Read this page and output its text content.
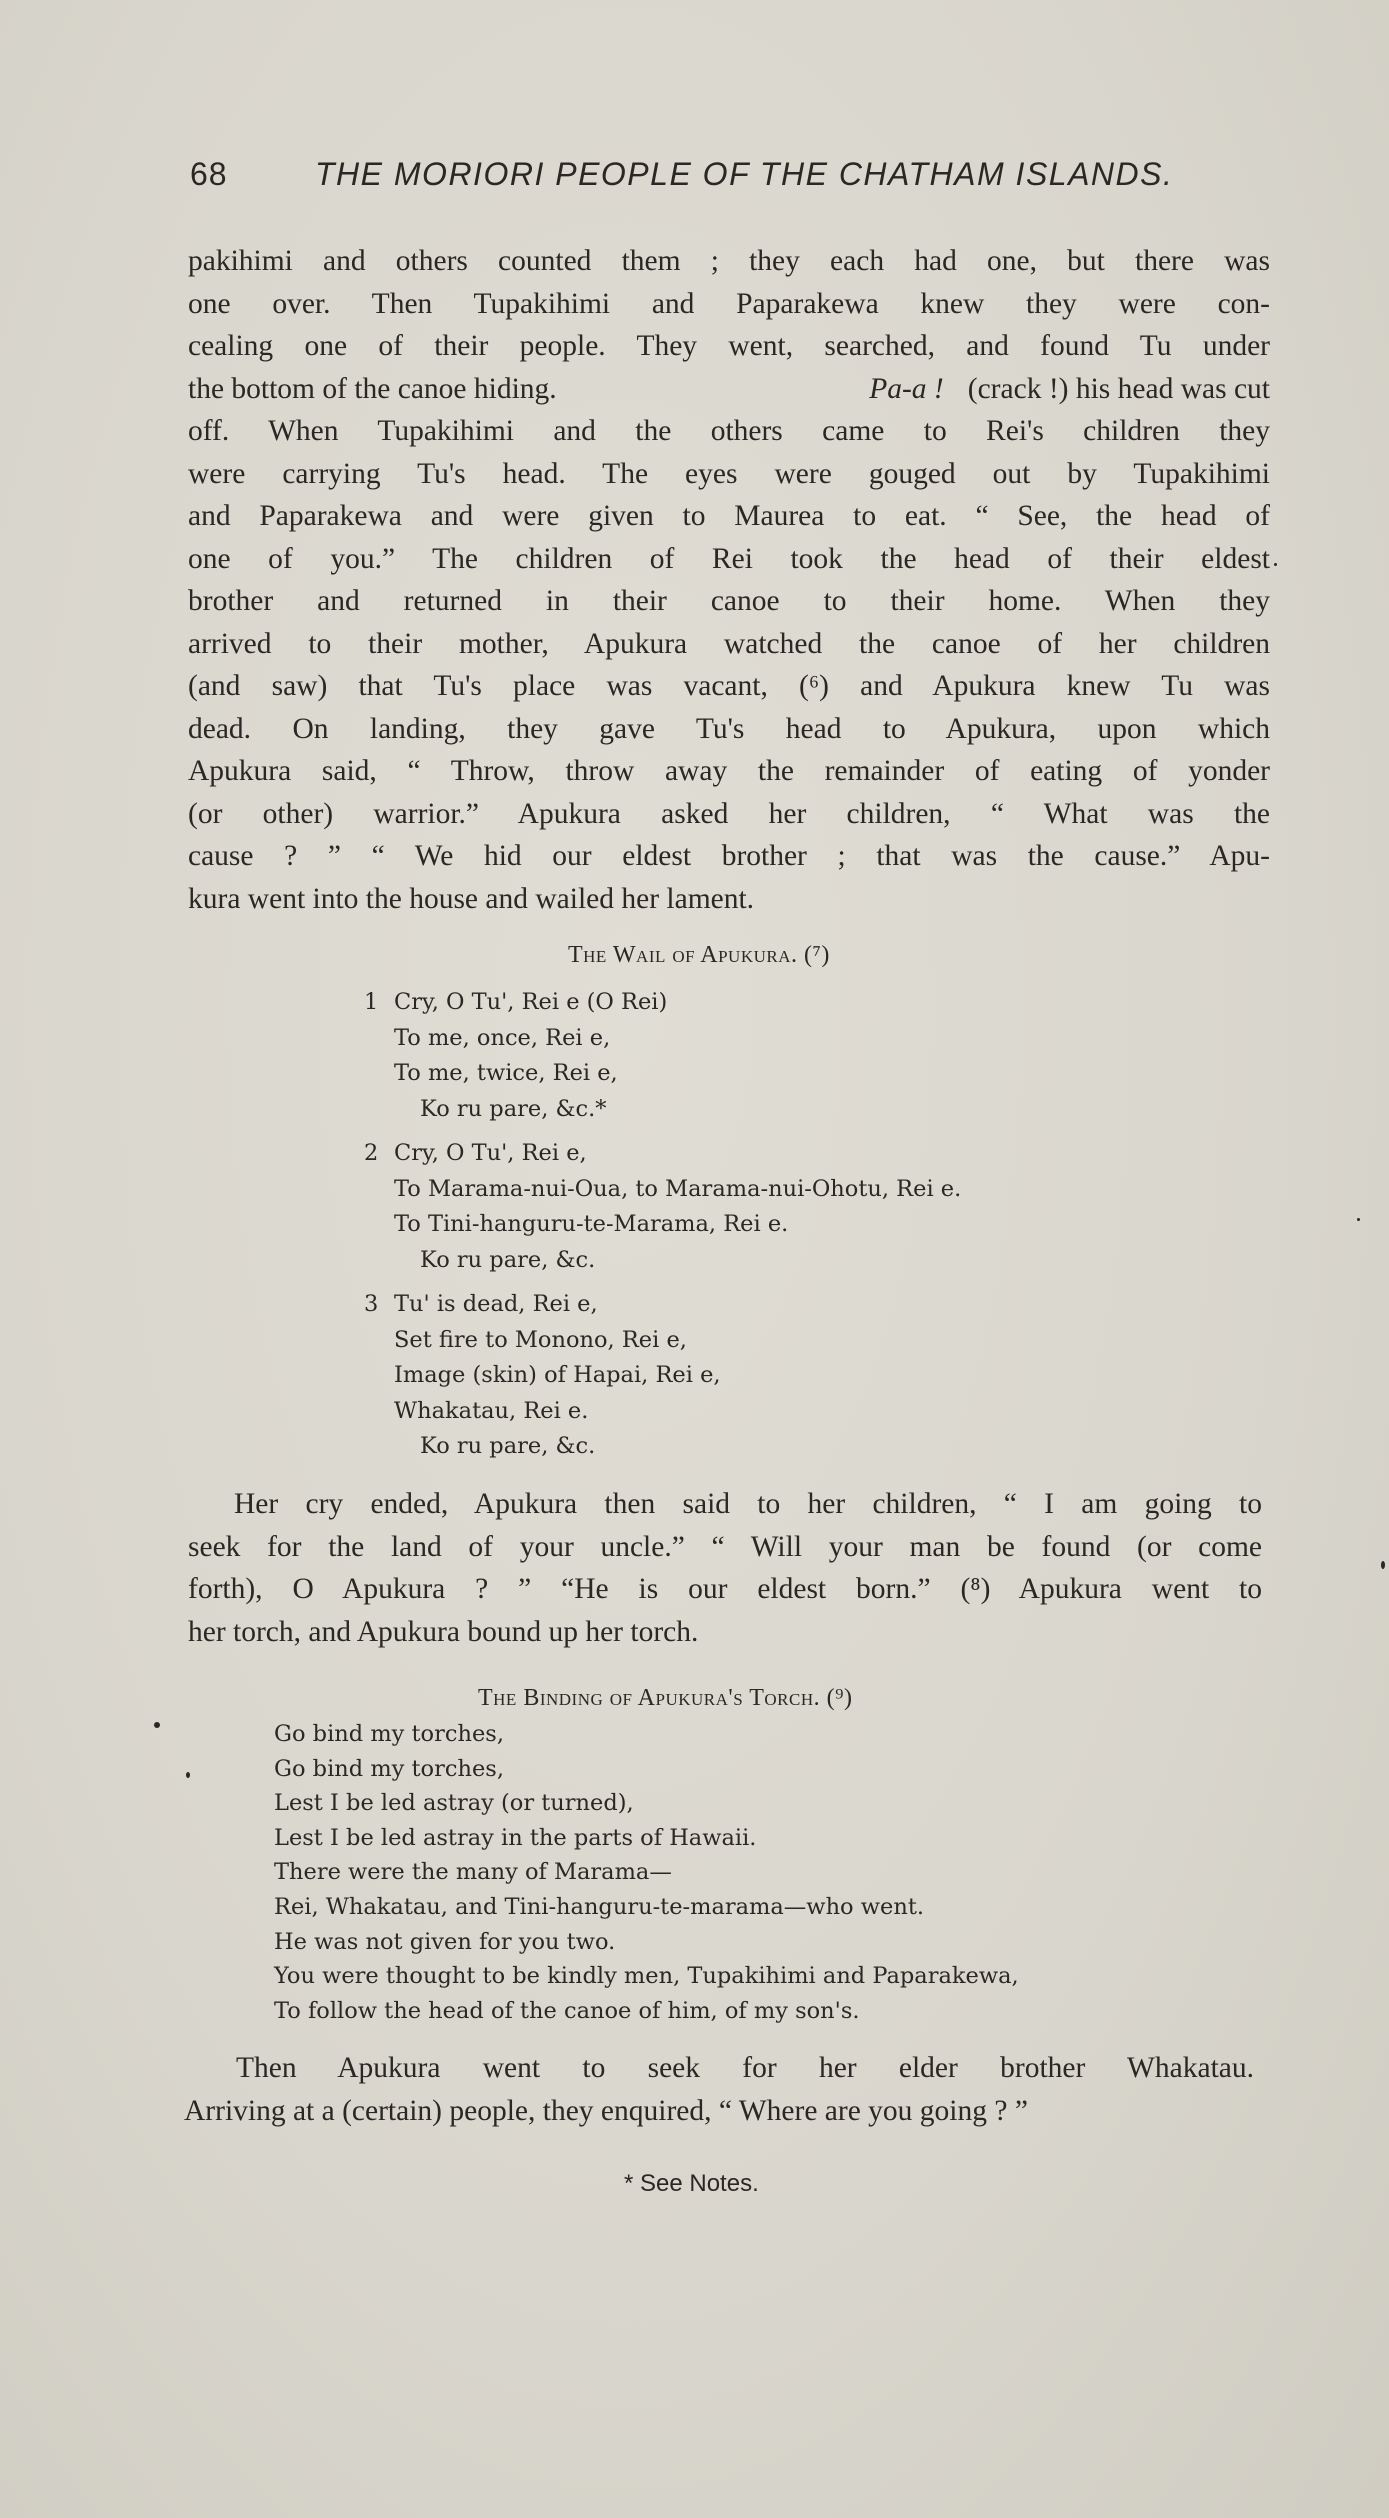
68	THE MORIORI PEOPLE OF THE CHATHAM ISLANDS.
pakihimi and others counted them ; they each had one, but there was
one over. Then Tupakihimi and Paparakewa knew they were con-
cealing one of their people. They went, searched, and found Tu under
the bottom of the canoe hiding.	Pa-a ! (crack !) his head was cut
off. When Tupakihimi and the others came to Rei's children they
were carrying Tu's head. The eyes were gouged out by Tupakihimi
and Paparakewa and were given to Maurea to eat. “ See, the head of
one of you.” The children of Rei took the head of their eldest
brother and returned in their canoe to their home. When they
arrived to their mother, Apukura watched the canoe of her children
(and saw) that Tu's place was vacant, (⁶) and Apukura knew Tu was
dead. On landing, they gave Tu's head to Apukura, upon which
Apukura said, “ Throw, throw away the remainder of eating of yonder
(or other) warrior.” Apukura asked her children, “ What was the
cause ? ” “ We hid our eldest brother ; that was the cause.” Apu-
kura went into the house and wailed her lament.
The Wail of Apukura. (⁷)
1 Cry, O Tu', Rei e (O Rei)
To me, once, Rei e,
To me, twice, Rei e,
Ko ru pare, &c.*
2 Cry, O Tu', Rei e,
To Marama-nui-Oua, to Marama-nui-Ohotu, Rei e.
To Tini-hanguru-te-Marama, Rei e.
Ko ru pare, &c.
3 Tu' is dead, Rei e,
Set fire to Monono, Rei e,
Image (skin) of Hapai, Rei e,
Whakatau, Rei e.
Ko ru pare, &c.
Her cry ended, Apukura then said to her children, “ I am going to
seek for the land of your uncle.” “ Will your man be found (or come
forth), O Apukura ? ” “He is our eldest born.” (⁸) Apukura went to
her torch, and Apukura bound up her torch.
The Binding of Apukura's Torch. (⁹)
Go bind my torches,
Go bind my torches,
Lest I be led astray (or turned),
Lest I be led astray in the parts of Hawaii.
There were the many of Marama—
Rei, Whakatau, and Tini-hanguru-te-marama—who went.
He was not given for you two.
You were thought to be kindly men, Tupakihimi and Paparakewa,
To follow the head of the canoe of him, of my son's.
Then Apukura went to seek for her elder brother Whakatau.
Arriving at a (certain) people, they enquired, “ Where are you going ? ”
* See Notes.
